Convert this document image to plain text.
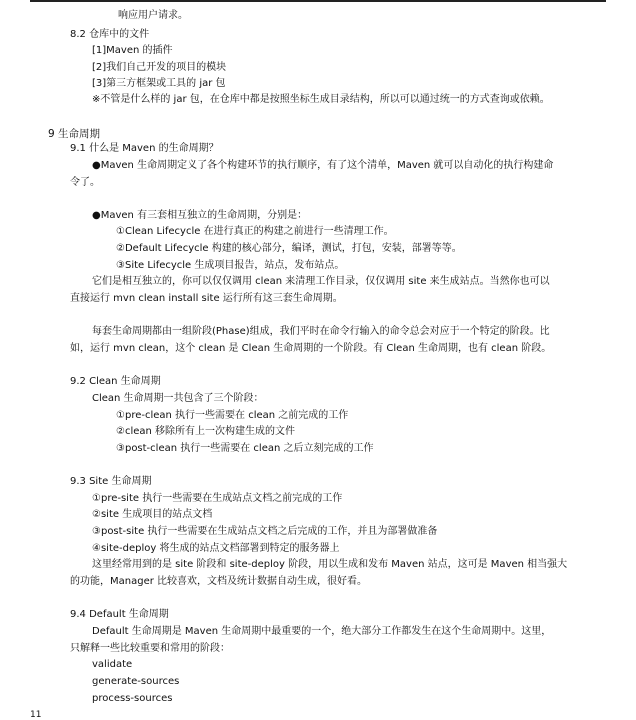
响应用户请求。
8.2 仓库中的文件
[1]Maven 的插件
[2]我们自己开发的项目的模块
[3]第三方框架或工具的 jar 包
※不管是什么样的 jar 包，在仓库中都是按照坐标生成目录结构，所以可以通过统一的方式查询或依赖。
9 生命周期
9.1 什么是 Maven 的生命周期？
●Maven 生命周期定义了各个构建环节的执行顺序，有了这个清单，Maven 就可以自动化的执行构建命
令了。
●Maven 有三套相互独立的生命周期，分别是：
①Clean Lifecycle 在进行真正的构建之前进行一些清理工作。
②Default Lifecycle 构建的核心部分，编译，测试，打包，安装，部署等等。
③Site Lifecycle 生成项目报告，站点，发布站点。
它们是相互独立的，你可以仅仅调用 clean 来清理工作目录，仅仅调用 site 来生成站点。当然你也可以
直接运行 mvn clean install site 运行所有这三套生命周期。
每套生命周期都由一组阶段(Phase)组成，我们平时在命令行输入的命令总会对应于一个特定的阶段。比
如，运行 mvn clean，这个 clean 是 Clean 生命周期的一个阶段。有 Clean 生命周期，也有 clean 阶段。
9.2 Clean 生命周期
Clean 生命周期一共包含了三个阶段：
①pre-clean 执行一些需要在 clean 之前完成的工作
②clean 移除所有上一次构建生成的文件
③post-clean 执行一些需要在 clean 之后立刻完成的工作
9.3 Site 生命周期
①pre-site 执行一些需要在生成站点文档之前完成的工作
②site 生成项目的站点文档
③post-site 执行一些需要在生成站点文档之后完成的工作，并且为部署做准备
④site-deploy 将生成的站点文档部署到特定的服务器上
这里经常用到的是 site 阶段和 site-deploy 阶段，用以生成和发布 Maven 站点，这可是 Maven 相当强大
的功能，Manager 比较喜欢，文档及统计数据自动生成，很好看。
9.4 Default 生命周期
Default 生命周期是 Maven 生命周期中最重要的一个，绝大部分工作都发生在这个生命周期中。这里，
只解释一些比较重要和常用的阶段：
validate
generate-sources
process-sources
11
